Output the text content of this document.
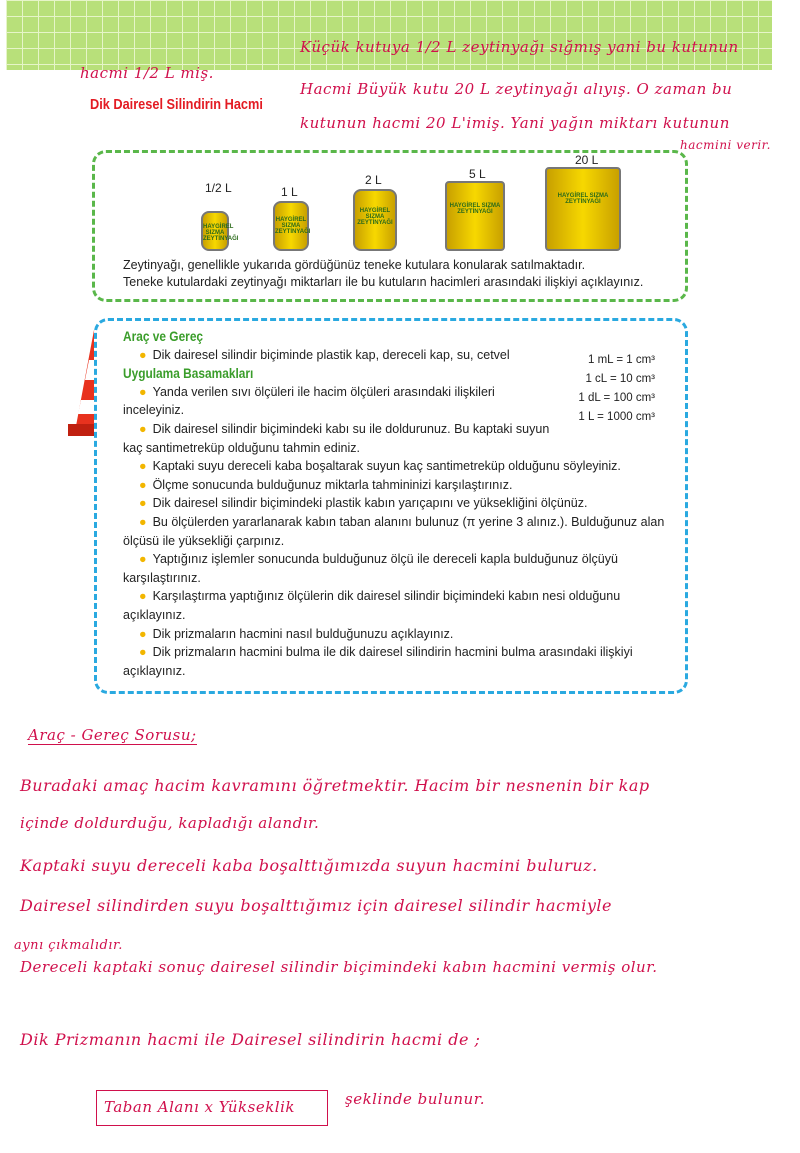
Küçük kutuya 1/2 L zeytinyağı sığmış yani bu kutunun
hacmi 1/2 L miş.
Hacmi Büyük kutu 20 L zeytinyağı alıyış. O zaman bu
kutunun hacmi 20 L'imiş. Yani yağın miktarı kutunun
hacmini verir.
Dik Dairesel Silindirin Hacmi
1/2 L
HAYGİREL SIZMA ZEYTİNYAĞI
1 L
HAYGİREL SIZMA ZEYTİNYAĞI
2 L
HAYGİREL SIZMA ZEYTİNYAĞI
5 L
HAYGİREL SIZMA ZEYTİNYAĞI
20 L
HAYGİREL SIZMA ZEYTİNYAĞI
Zeytinyağı, genellikle yukarıda gördüğünüz teneke kutulara konularak satılmaktadır.
Teneke kutulardaki zeytinyağı miktarları ile bu kutuların hacimleri arasındaki ilişkiyi açıklayınız.
Araç ve Gereç
● Dik dairesel silindir biçiminde plastik kap, dereceli kap, su, cetvel
Uygulama Basamakları
● Yanda verilen sıvı ölçüleri ile hacim ölçüleri arasındaki ilişkileri inceleyiniz.
● Dik dairesel silindir biçimindeki kabı su ile doldurunuz. Bu kaptaki suyun kaç santimetreküp olduğunu tahmin ediniz.
● Kaptaki suyu dereceli kaba boşaltarak suyun kaç santimetreküp olduğunu söyleyiniz.
● Ölçme sonucunda bulduğunuz miktarla tahmininizi karşılaştırınız.
● Dik dairesel silindir biçimindeki plastik kabın yarıçapını ve yüksekliğini ölçünüz.
● Bu ölçülerden yararlanarak kabın taban alanını bulunuz (π yerine 3 alınız.). Bulduğunuz alan ölçüsü ile yüksekliği çarpınız.
● Yaptığınız işlemler sonucunda bulduğunuz ölçü ile dereceli kapla bulduğunuz ölçüyü karşılaştırınız.
● Karşılaştırma yaptığınız ölçülerin dik dairesel silindir biçimindeki kabın nesi olduğunu açıklayınız.
● Dik prizmaların hacmini nasıl bulduğunuzu açıklayınız.
● Dik prizmaların hacmini bulma ile dik dairesel silindirin hacmini bulma arasındaki ilişkiyi açıklayınız.
1 mL = 1 cm³
1 cL = 10 cm³
1 dL = 100 cm³
1 L = 1000 cm³
Araç - Gereç Sorusu;
Buradaki amaç hacim kavramını öğretmektir. Hacim bir nesnenin bir kap
içinde doldurduğu, kapladığı alandır.
Kaptaki suyu dereceli kaba boşalttığımızda suyun hacmini buluruz.
Dairesel silindirden suyu boşalttığımız için dairesel silindir hacmiyle
aynı çıkmalıdır.
Dereceli kaptaki sonuç dairesel silindir biçimindeki kabın hacmini vermiş olur.
Dik Prizmanın hacmi ile Dairesel silindirin hacmi de ;
Taban Alanı x Yükseklik	şeklinde bulunur.
